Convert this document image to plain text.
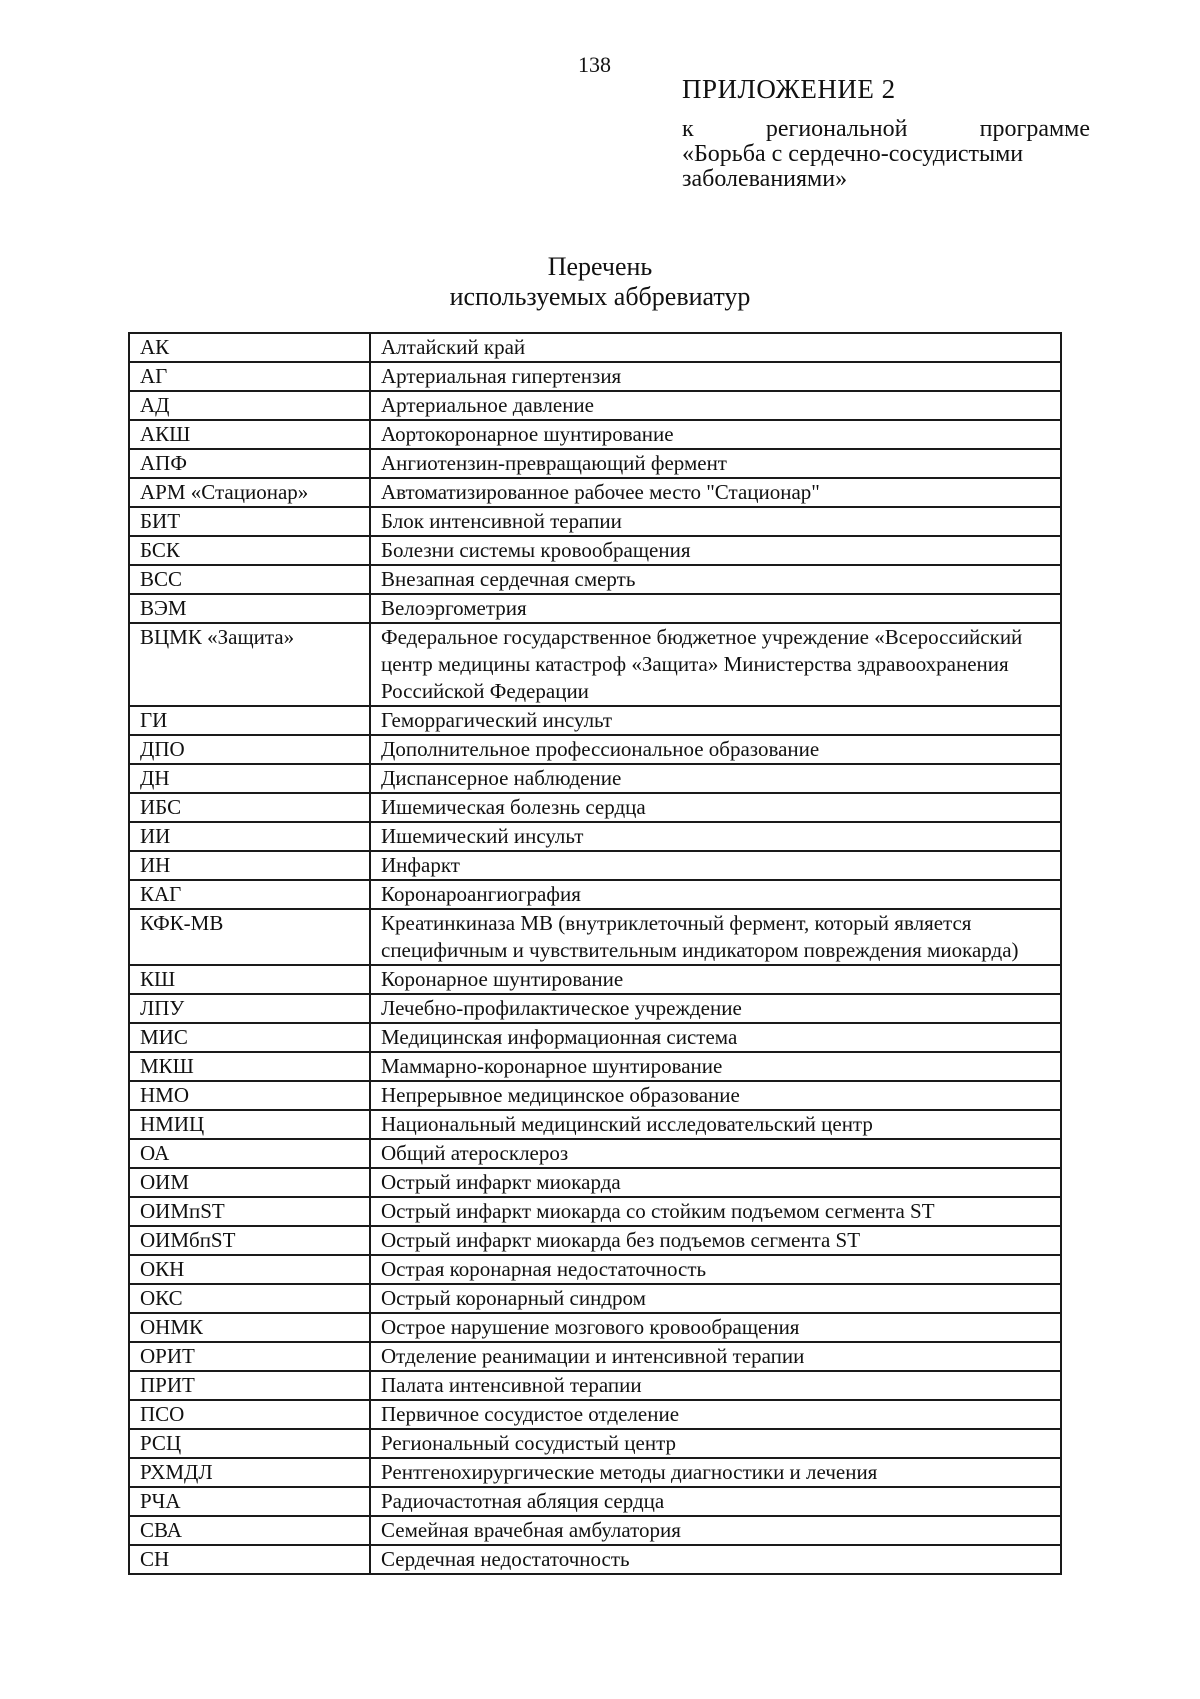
138
ПРИЛОЖЕНИЕ 2
к региональной программе
«Борьба с сердечно-сосудистыми заболеваниями»
Перечень
используемых аббревиатур
АК	Алтайский край
АГ	Артериальная гипертензия
АД	Артериальное давление
АКШ	Аортокоронарное шунтирование
АПФ	Ангиотензин-превращающий фермент
АРМ «Стационар»	Автоматизированное рабочее место "Стационар"
БИТ	Блок интенсивной терапии
БСК	Болезни системы кровообращения
ВСС	Внезапная сердечная смерть
ВЭМ	Велоэргометрия
ВЦМК «Защита»	Федеральное государственное бюджетное учреждение «Всероссийский центр медицины катастроф «Защита» Министерства здравоохранения Российской Федерации
ГИ	Геморрагический инсульт
ДПО	Дополнительное профессиональное образование
ДН	Диспансерное наблюдение
ИБС	Ишемическая болезнь сердца
ИИ	Ишемический инсульт
ИН	Инфаркт
КАГ	Коронароангиография
КФК-МВ	Креатинкиназа МВ (внутриклеточный фермент, который является специфичным и чувствительным индикатором повреждения миокарда)
КШ	Коронарное шунтирование
ЛПУ	Лечебно-профилактическое учреждение
МИС	Медицинская информационная система
МКШ	Маммарно-коронарное шунтирование
НМО	Непрерывное медицинское образование
НМИЦ	Национальный медицинский исследовательский центр
ОА	Общий атеросклероз
ОИМ	Острый инфаркт миокарда
ОИМпST	Острый инфаркт миокарда со стойким подъемом сегмента ST
ОИМбпST	Острый инфаркт миокарда без подъемов сегмента ST
ОКН	Острая коронарная недостаточность
ОКС	Острый коронарный синдром
ОНМК	Острое нарушение мозгового кровообращения
ОРИТ	Отделение реанимации и интенсивной терапии
ПРИТ	Палата интенсивной терапии
ПСО	Первичное сосудистое отделение
РСЦ	Региональный сосудистый центр
РХМДЛ	Рентгенохирургические методы диагностики и лечения
РЧА	Радиочастотная абляция сердца
СВА	Семейная врачебная амбулатория
СН	Сердечная недостаточность
